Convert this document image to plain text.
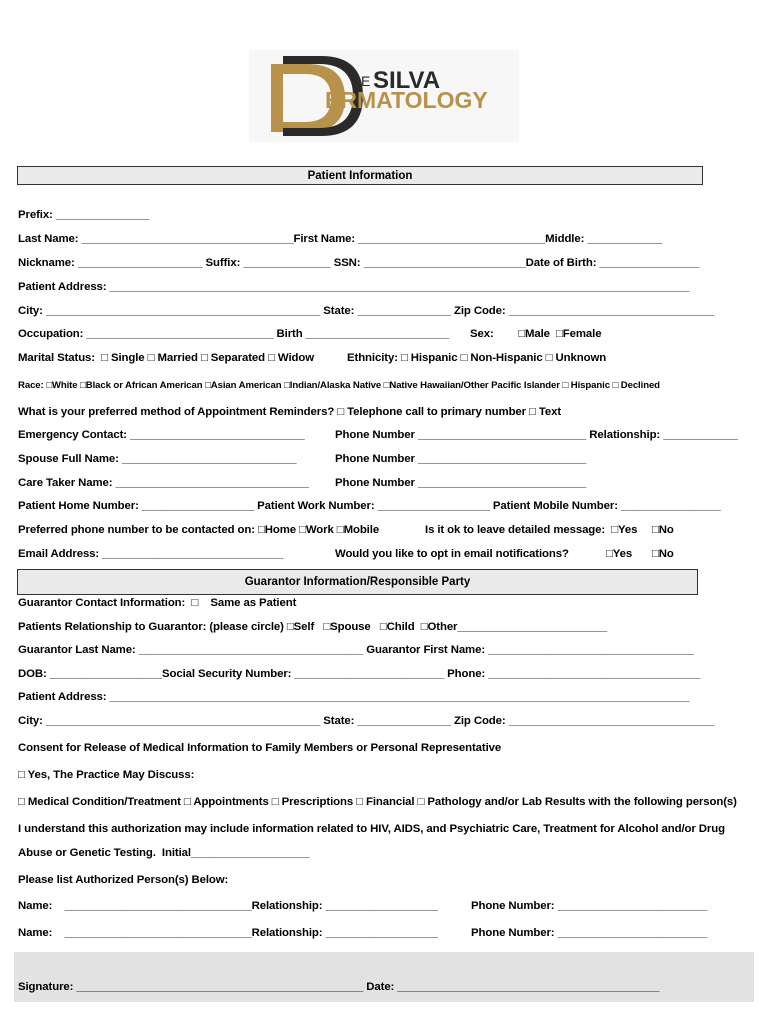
E SILVA
ERMATOLOGY
Patient Information
Prefix: _______________
Last Name: __________________________________First Name: ______________________________Middle: ____________
Nickname: ____________________ Suffix: ______________ SSN: __________________________Date of Birth: ________________
Patient Address: _____________________________________________________________________________________________
City: ____________________________________________ State: _______________ Zip Code: _________________________________
Occupation: ______________________________ Birth _______________________ Sex:        □Male  □Female
Marital Status:  □ Single □ Married □ Separated □ Widow	Ethnicity: □ Hispanic □ Non-Hispanic □ Unknown
Race: □White □Black or African American □Asian American □Indian/Alaska Native □Native Hawaiian/Other Pacific Islander □ Hispanic □ Declined
What is your preferred method of Appointment Reminders? □ Telephone call to primary number □ Text
Emergency Contact: ____________________________	Phone Number ___________________________ Relationship: ____________
Spouse Full Name: ____________________________	Phone Number ___________________________
Care Taker Name: _______________________________ Phone Number ___________________________
Patient Home Number: __________________ Patient Work Number: __________________ Patient Mobile Number: ________________
Preferred phone number to be contacted on: □Home □Work □Mobile	Is it ok to leave detailed message:  □Yes □No
Email Address: _____________________________	Would you like to opt in email notifications?	□Yes □No
Guarantor Information/Responsible Party
Guarantor Contact Information:  □    Same as Patient
Patients Relationship to Guarantor: (please circle) □Self   □Spouse   □Child  □Other________________________
Guarantor Last Name: ____________________________________ Guarantor First Name: _________________________________
DOB: __________________Social Security Number: ________________________ Phone: __________________________________
Patient Address: _____________________________________________________________________________________________
City: ____________________________________________ State: _______________ Zip Code: _________________________________
Consent for Release of Medical Information to Family Members or Personal Representative
□ Yes, The Practice May Discuss:
□ Medical Condition/Treatment □ Appointments □ Prescriptions □ Financial □ Pathology and/or Lab Results with the following person(s)
I understand this authorization may include information related to HIV, AIDS, and Psychiatric Care, Treatment for Alcohol and/or Drug
Abuse or Genetic Testing.  Initial___________________
Please list Authorized Person(s) Below:
Name:    ______________________________Relationship: __________________	Phone Number: ________________________
Name:    ______________________________Relationship: __________________	Phone Number: ________________________
Signature: ______________________________________________ Date: __________________________________________
